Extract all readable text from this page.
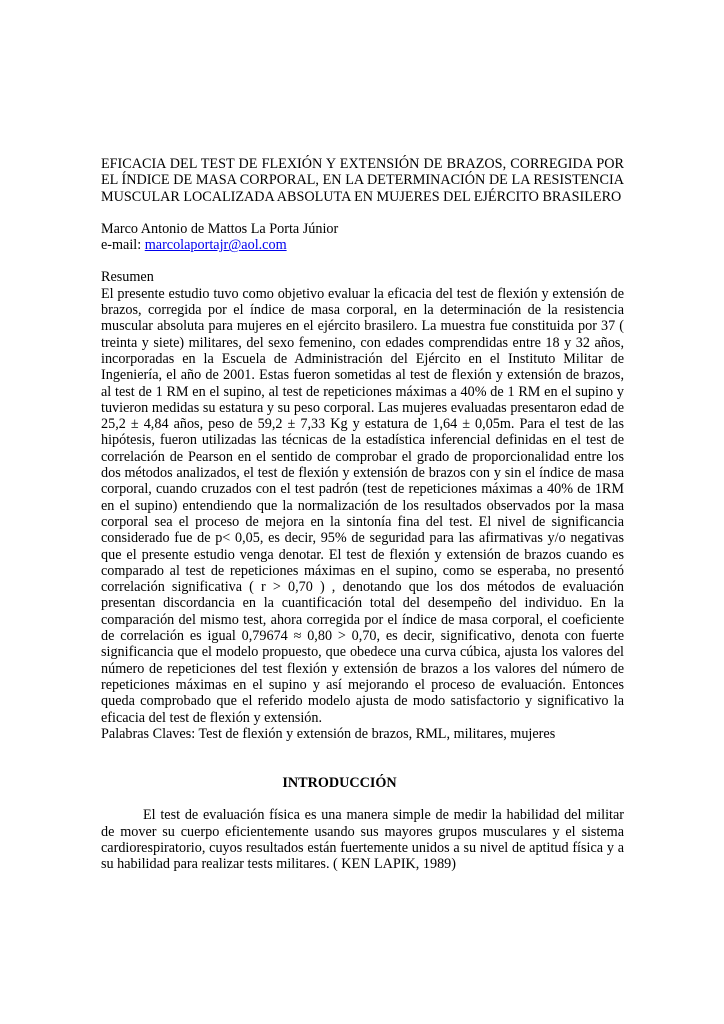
EFICACIA DEL TEST DE FLEXIÓN Y EXTENSIÓN DE BRAZOS, CORREGIDA POR EL ÍNDICE DE MASA CORPORAL, EN LA DETERMINACIÓN DE LA RESISTENCIA MUSCULAR LOCALIZADA ABSOLUTA EN MUJERES DEL EJÉRCITO BRASILERO
Marco Antonio de Mattos La Porta Júnior
e-mail: marcolaportajr@aol.com
Resumen

El presente estudio tuvo como objetivo evaluar la eficacia del test de flexión y extensión de brazos, corregida por el índice de masa corporal, en la determinación de la resistencia muscular absoluta para mujeres en el ejército brasilero. La muestra fue constituida por 37 ( treinta y siete) militares, del sexo femenino, con edades comprendidas entre 18 y 32 años, incorporadas en la Escuela de Administración del Ejército en el Instituto Militar de Ingeniería, el año de 2001. Estas fueron sometidas al test de flexión y extensión de brazos, al test de 1 RM en el supino, al test de repeticiones máximas a 40% de 1 RM en el supino y tuvieron medidas su estatura y su peso corporal. Las mujeres evaluadas presentaron edad de 25,2 ± 4,84 años, peso de 59,2 ± 7,33 Kg y estatura de 1,64 ± 0,05m. Para el test de las hipótesis, fueron utilizadas las técnicas de la estadística inferencial definidas en el test de correlación de Pearson en el sentido de comprobar el grado de proporcionalidad entre los dos métodos analizados, el test de flexión y extensión de brazos con y sin el índice de masa corporal, cuando cruzados con el test padrón (test de repeticiones máximas a 40% de 1RM en el supino) entendiendo que la normalización de los resultados observados por la masa corporal sea el proceso de mejora en la sintonía fina del test. El nivel de significancia considerado fue de p< 0,05, es decir, 95% de seguridad para las afirmativas y/o negativas que el presente estudio venga denotar. El test de flexión y extensión de brazos cuando es comparado al test de repeticiones máximas en el supino, como se esperaba, no presentó correlación significativa ( r > 0,70 ) , denotando que los dos métodos de evaluación presentan discordancia en la cuantificación total del desempeño del individuo. En la comparación del mismo test, ahora corregida por el índice de masa corporal, el coeficiente de correlación es igual 0,79674 ≈ 0,80 > 0,70, es decir, significativo, denota con fuerte significancia que el modelo propuesto, que obedece una curva cúbica, ajusta los valores del número de repeticiones del test flexión y extensión de brazos a los valores del número de repeticiones máximas en el supino y así mejorando el proceso de evaluación. Entonces queda comprobado que el referido modelo ajusta de modo satisfactorio y significativo la eficacia del test de flexión y extensión.

Palabras Claves: Test de flexión y extensión de brazos, RML, militares, mujeres

INTRODUCCIÓN

El test de evaluación física es una manera simple de medir la habilidad del militar de mover su cuerpo eficientemente usando sus mayores grupos musculares y el sistema cardiorespiratorio, cuyos resultados están fuertemente unidos a su nivel de aptitud física y a su habilidad para realizar tests militares. ( KEN LAPIK, 1989)
